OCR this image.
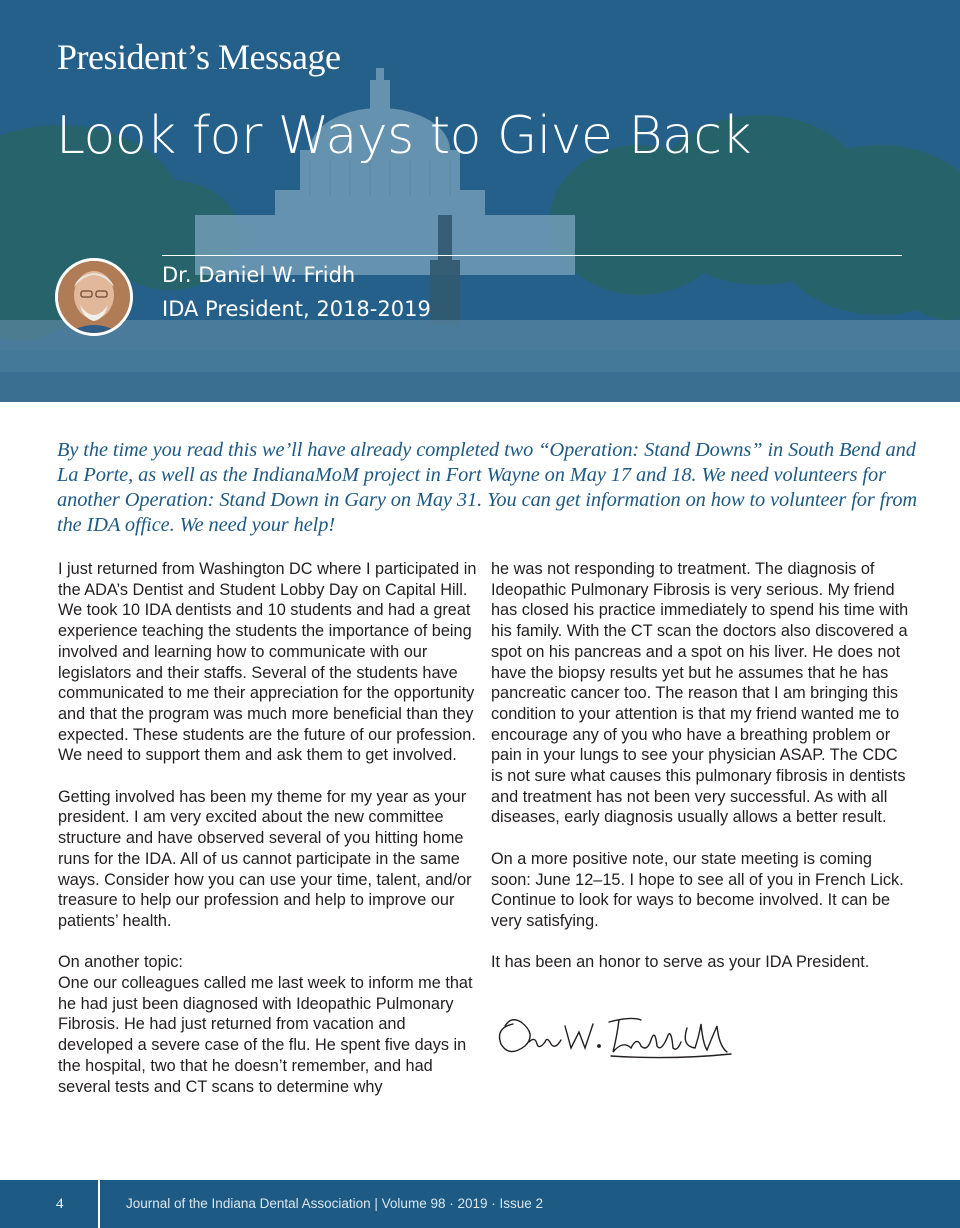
President’s Message
Look for Ways to Give Back

Dr. Daniel W. Fridh

IDA President, 2018-2019

By the time you read this we’ll have already completed two “Operation: Stand Downs” in South Bend and La Porte, as well as the IndianaMoM project in Fort Wayne on May 17 and 18. We need volunteers for another Operation: Stand Down in Gary on May 31. You can get information on how to volunteer for from the IDA office. We need your help!

I just returned from Washington DC where I participated in the ADA’s Dentist and Student Lobby Day on Capital Hill. We took 10 IDA dentists and 10 students and had a great experience teaching the students the importance of being involved and learning how to communicate with our legislators and their staffs. Several of the students have communicated to me their appreciation for the opportunity and that the program was much more beneficial than they expected. These students are the future of our profession. We need to support them and ask them to get involved.

Getting involved has been my theme for my year as your president. I am very excited about the new committee structure and have observed several of you hitting home runs for the IDA. All of us cannot participate in the same ways. Consider how you can use your time, talent, and/or treasure to help our profession and help to improve our patients’ health.

On another topic:

One our colleagues called me last week to inform me that he had just been diagnosed with Ideopathic Pulmonary Fibrosis. He had just returned from vacation and developed a severe case of the flu. He spent five days in the hospital, two that he doesn’t remember, and had several tests and CT scans to determine why

he was not responding to treatment. The diagnosis of Ideopathic Pulmonary Fibrosis is very serious. My friend has closed his practice immediately to spend his time with his family. With the CT scan the doctors also discovered a spot on his pancreas and a spot on his liver. He does not have the biopsy results yet but he assumes that he has pancreatic cancer too. The reason that I am bringing this condition to your attention is that my friend wanted me to encourage any of you who have a breathing problem or pain in your lungs to see your physician ASAP. The CDC is not sure what causes this pulmonary fibrosis in dentists and treatment has not been very successful. As with all diseases, early diagnosis usually allows a better result.

On a more positive note, our state meeting is coming soon: June 12–15. I hope to see all of you in French Lick. Continue to look for ways to become involved. It can be very satisfying.

It has been an honor to serve as your IDA President.

4	Journal of the Indiana Dental Association | Volume 98 · 2019 · Issue 2
